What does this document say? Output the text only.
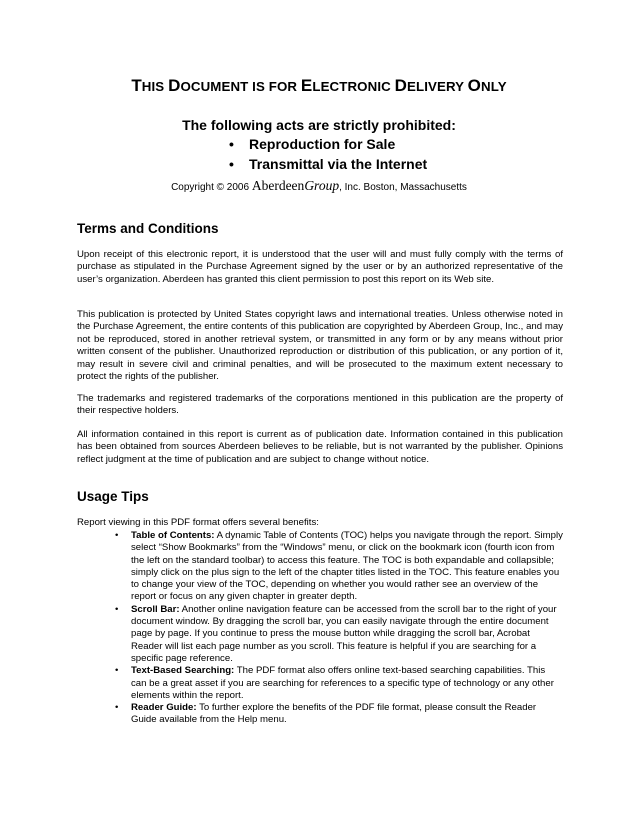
THIS DOCUMENT IS FOR ELECTRONIC DELIVERY ONLY
The following acts are strictly prohibited:
• Reproduction for Sale
• Transmittal via the Internet
Copyright © 2006 AberdeenGroup, Inc. Boston, Massachusetts
Terms and Conditions

Upon receipt of this electronic report, it is understood that the user will and must fully comply with the terms of purchase as stipulated in the Purchase Agreement signed by the user or by an authorized representative of the user’s organization. Aberdeen has granted this client permission to post this report on its Web site.

This publication is protected by United States copyright laws and international treaties. Unless otherwise noted in the Purchase Agreement, the entire contents of this publication are copyrighted by Aberdeen Group, Inc., and may not be reproduced, stored in another retrieval system, or transmitted in any form or by any means without prior written consent of the publisher. Unauthorized reproduction or distribution of this publication, or any portion of it, may result in severe civil and criminal penalties, and will be prosecuted to the maximum extent necessary to protect the rights of the publisher.

The trademarks and registered trademarks of the corporations mentioned in this publication are the property of their respective holders.

All information contained in this report is current as of publication date. Information contained in this publication has been obtained from sources Aberdeen believes to be reliable, but is not warranted by the publisher. Opinions reflect judgment at the time of publication and are subject to change without notice.

Usage Tips
Report viewing in this PDF format offers several benefits:
• Table of Contents: A dynamic Table of Contents (TOC) helps you navigate through the report. Simply select “Show Bookmarks” from the “Windows” menu, or click on the bookmark icon (fourth icon from the left on the standard toolbar) to access this feature. The TOC is both expandable and collapsible; simply click on the plus sign to the left of the chapter titles listed in the TOC. This feature enables you to change your view of the TOC, depending on whether you would rather see an overview of the report or focus on any given chapter in greater depth.
• Scroll Bar: Another online navigation feature can be accessed from the scroll bar to the right of your document window. By dragging the scroll bar, you can easily navigate through the entire document page by page. If you continue to press the mouse button while dragging the scroll bar, Acrobat Reader will list each page number as you scroll. This feature is helpful if you are searching for a specific page reference.
• Text-Based Searching: The PDF format also offers online text-based searching capabilities. This can be a great asset if you are searching for references to a specific type of technology or any other elements within the report.
• Reader Guide: To further explore the benefits of the PDF file format, please consult the Reader Guide available from the Help menu.
